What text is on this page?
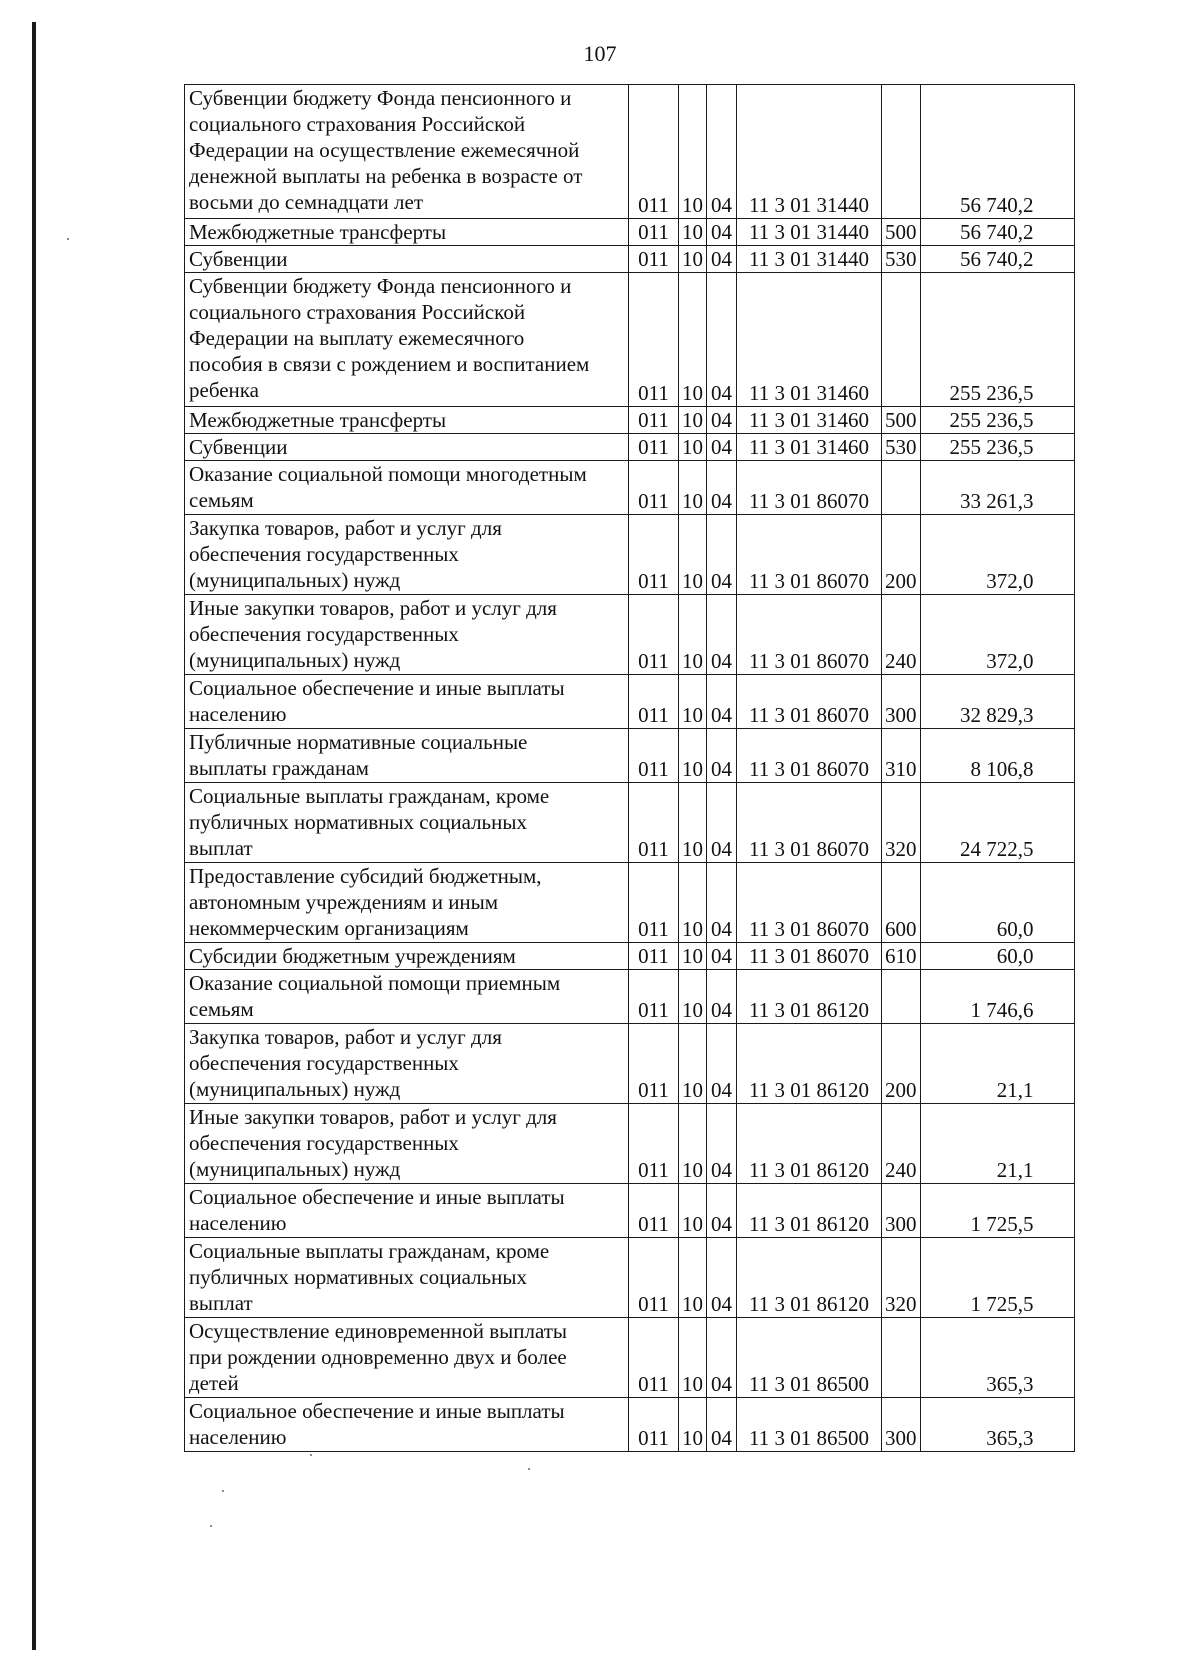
107
Субвенции бюджету Фонда пенсионного и
социального страхования Российской
Федерации на осуществление ежемесячной
денежной выплаты на ребенка в возрасте от
восьми до семнадцати лет	011	10	04	11 3 01 31440		56 740,2
Межбюджетные трансферты	011	10	04	11 3 01 31440	500	56 740,2
Субвенции	011	10	04	11 3 01 31440	530	56 740,2
Субвенции бюджету Фонда пенсионного и
социального страхования Российской
Федерации на выплату ежемесячного
пособия в связи с рождением и воспитанием
ребенка	011	10	04	11 3 01 31460		255 236,5
Межбюджетные трансферты	011	10	04	11 3 01 31460	500	255 236,5
Субвенции	011	10	04	11 3 01 31460	530	255 236,5
Оказание социальной помощи многодетным
семьям	011	10	04	11 3 01 86070		33 261,3
Закупка товаров, работ и услуг для
обеспечения государственных
(муниципальных) нужд	011	10	04	11 3 01 86070	200	372,0
Иные закупки товаров, работ и услуг для
обеспечения государственных
(муниципальных) нужд	011	10	04	11 3 01 86070	240	372,0
Социальное обеспечение и иные выплаты
населению	011	10	04	11 3 01 86070	300	32 829,3
Публичные нормативные социальные
выплаты гражданам	011	10	04	11 3 01 86070	310	8 106,8
Социальные выплаты гражданам, кроме
публичных нормативных социальных
выплат	011	10	04	11 3 01 86070	320	24 722,5
Предоставление субсидий бюджетным,
автономным учреждениям и иным
некоммерческим организациям	011	10	04	11 3 01 86070	600	60,0
Субсидии бюджетным учреждениям	011	10	04	11 3 01 86070	610	60,0
Оказание социальной помощи приемным
семьям	011	10	04	11 3 01 86120		1 746,6
Закупка товаров, работ и услуг для
обеспечения государственных
(муниципальных) нужд	011	10	04	11 3 01 86120	200	21,1
Иные закупки товаров, работ и услуг для
обеспечения государственных
(муниципальных) нужд	011	10	04	11 3 01 86120	240	21,1
Социальное обеспечение и иные выплаты
населению	011	10	04	11 3 01 86120	300	1 725,5
Социальные выплаты гражданам, кроме
публичных нормативных социальных
выплат	011	10	04	11 3 01 86120	320	1 725,5
Осуществление единовременной выплаты
при рождении одновременно двух и более
детей	011	10	04	11 3 01 86500		365,3
Социальное обеспечение и иные выплаты
населению	011	10	04	11 3 01 86500	300	365,3
